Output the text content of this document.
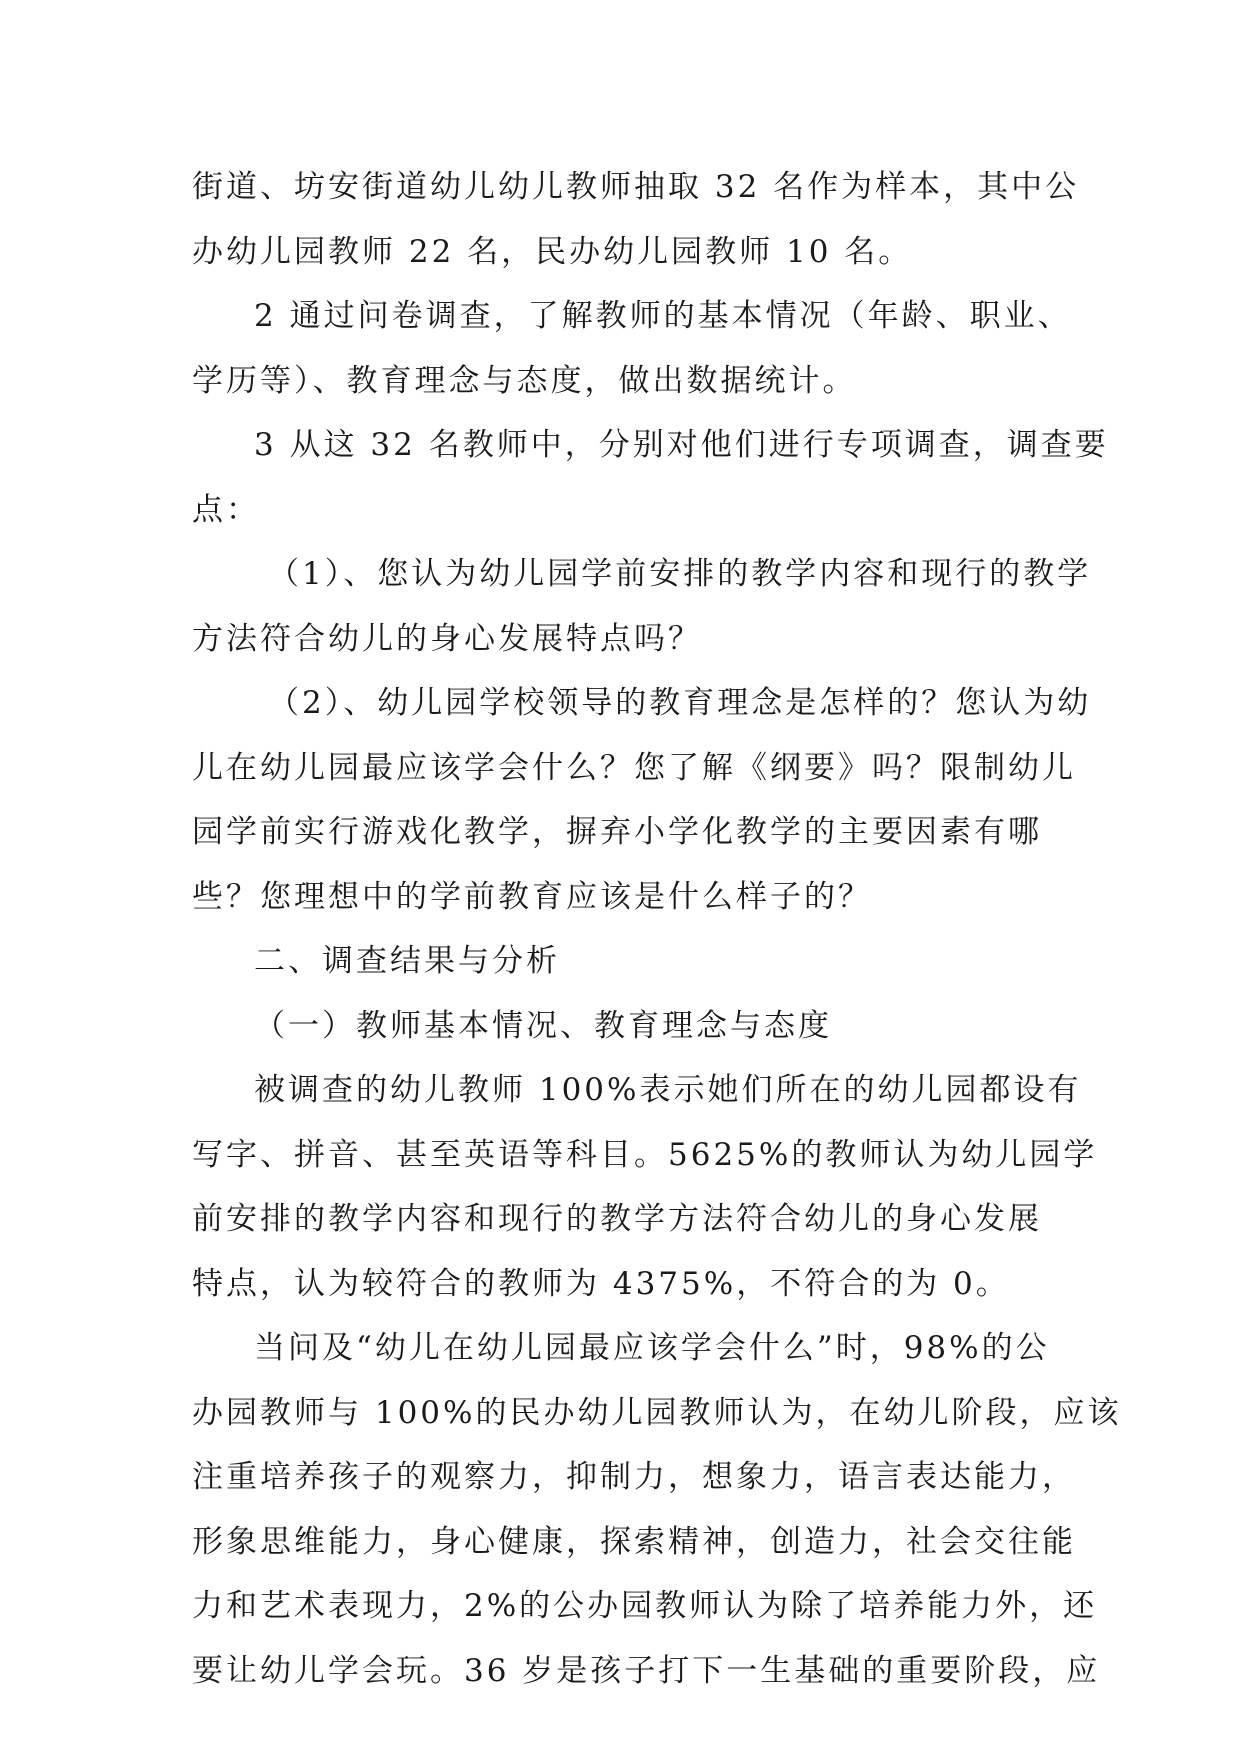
街道、坊安街道幼儿幼儿教师抽取 32 名作为样本，其中公
办幼儿园教师 22 名，民办幼儿园教师 10 名。
2 通过问卷调查，了解教师的基本情况（年龄、职业、
学历等）、教育理念与态度，做出数据统计。
3 从这 32 名教师中，分别对他们进行专项调查，调查要
点：
（1）、您认为幼儿园学前安排的教学内容和现行的教学
方法符合幼儿的身心发展特点吗？
（2）、幼儿园学校领导的教育理念是怎样的？您认为幼
儿在幼儿园最应该学会什么？您了解《纲要》吗？限制幼儿
园学前实行游戏化教学，摒弃小学化教学的主要因素有哪
些？您理想中的学前教育应该是什么样子的？
二、调查结果与分析
（一）教师基本情况、教育理念与态度
被调查的幼儿教师 100%表示她们所在的幼儿园都设有
写字、拼音、甚至英语等科目。5625%的教师认为幼儿园学
前安排的教学内容和现行的教学方法符合幼儿的身心发展
特点，认为较符合的教师为 4375%，不符合的为 0。
当问及“幼儿在幼儿园最应该学会什么”时，98%的公
办园教师与 100%的民办幼儿园教师认为，在幼儿阶段，应该
注重培养孩子的观察力，抑制力，想象力，语言表达能力，
形象思维能力，身心健康，探索精神，创造力，社会交往能
力和艺术表现力，2%的公办园教师认为除了培养能力外，还
要让幼儿学会玩。36 岁是孩子打下一生基础的重要阶段，应
